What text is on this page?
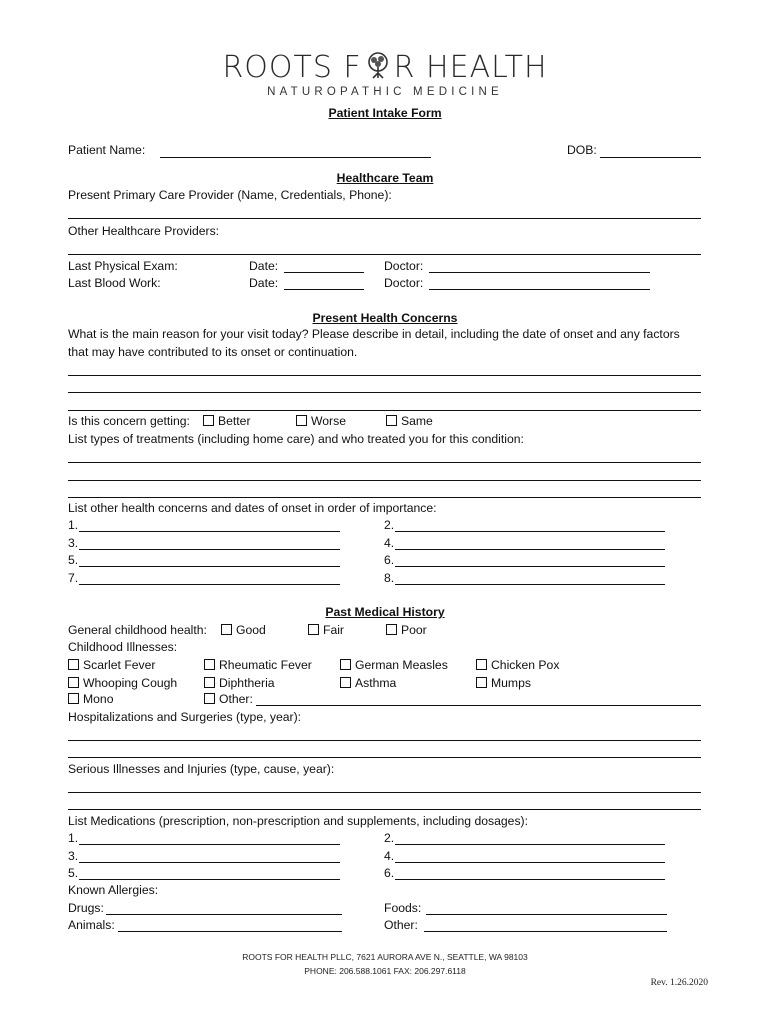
ROOTS F R HEALTH
NATUROPATHIC MEDICINE
Patient Intake Form
Patient Name:	DOB:
Healthcare Team
Present Primary Care Provider (Name, Credentials, Phone):
Other Healthcare Providers:
Last Physical Exam:	Date:	Doctor:
Last Blood Work:	Date:	Doctor:
Present Health Concerns
What is the main reason for your visit today? Please describe in detail, including the date of onset and any factors
that may have contributed to its onset or continuation.
Is this concern getting:	Better	Worse	Same
List types of treatments (including home care) and who treated you for this condition:
List other health concerns and dates of onset in order of importance:
1.	2.
3.	4.
5.	6.
7.	8.
Past Medical History
General childhood health:	Good	Fair	Poor
Childhood Illnesses:
Scarlet Fever	Rheumatic Fever	German Measles	Chicken Pox
Whooping Cough	Diphtheria	Asthma	Mumps
Mono	Other:
Hospitalizations and Surgeries (type, year):
Serious Illnesses and Injuries (type, cause, year):
List Medications (prescription, non-prescription and supplements, including dosages):
1.	2.
3.	4.
5.	6.
Known Allergies:
Drugs:	Foods:
Animals:	Other:
ROOTS FOR HEALTH PLLC, 7621 AURORA AVE N., SEATTLE, WA 98103
PHONE: 206.588.1061 FAX: 206.297.6118
Rev. 1.26.2020
